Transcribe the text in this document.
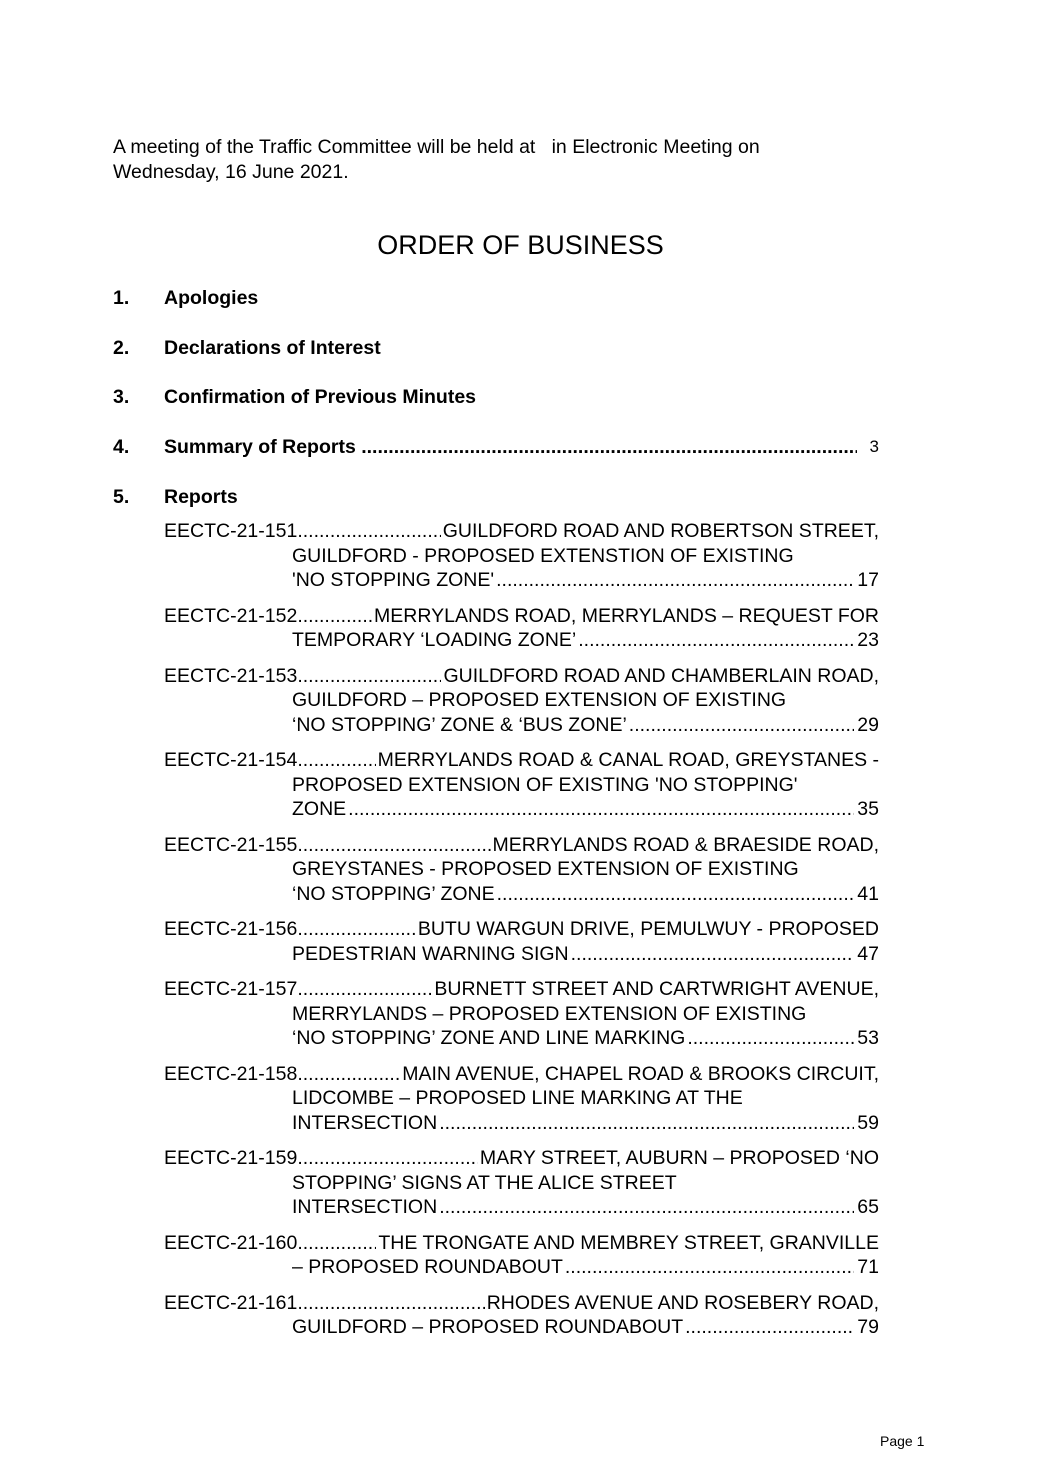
A meeting of the Traffic Committee will be held at   in Electronic Meeting on
Wednesday, 16 June 2021.
ORDER OF BUSINESS
1. Apologies
2. Declarations of Interest
3. Confirmation of Previous Minutes
4. Summary of Reports .....	3
5. Reports
EECTC-21-151 .....	GUILDFORD ROAD AND ROBERTSON STREET,
GUILDFORD - PROPOSED EXTENSTION OF EXISTING
'NO STOPPING ZONE' .....	17
EECTC-21-152 .....	MERRYLANDS ROAD, MERRYLANDS – REQUEST FOR
TEMPORARY ‘LOADING ZONE’ .....	23
EECTC-21-153 .....	GUILDFORD ROAD AND CHAMBERLAIN ROAD,
GUILDFORD – PROPOSED EXTENSION OF EXISTING
‘NO STOPPING’ ZONE & ‘BUS ZONE’ .....	29
EECTC-21-154 .....	MERRYLANDS ROAD & CANAL ROAD, GREYSTANES -
PROPOSED EXTENSION OF EXISTING 'NO STOPPING'
ZONE .....	35
EECTC-21-155 .....	MERRYLANDS ROAD & BRAESIDE ROAD,
GREYSTANES - PROPOSED EXTENSION OF EXISTING
‘NO STOPPING’ ZONE .....	41
EECTC-21-156 .....	BUTU WARGUN DRIVE, PEMULWUY - PROPOSED
PEDESTRIAN WARNING SIGN .....	47
EECTC-21-157 .....	BURNETT STREET AND CARTWRIGHT AVENUE,
MERRYLANDS – PROPOSED EXTENSION OF EXISTING
‘NO STOPPING’ ZONE AND LINE MARKING .....	53
EECTC-21-158 .....	MAIN AVENUE, CHAPEL ROAD & BROOKS CIRCUIT,
LIDCOMBE – PROPOSED LINE MARKING AT THE
INTERSECTION .....	59
EECTC-21-159 .....	MARY STREET, AUBURN – PROPOSED ‘NO
STOPPING’ SIGNS AT THE ALICE STREET
INTERSECTION .....	65
EECTC-21-160 .....	THE TRONGATE AND MEMBREY STREET, GRANVILLE
– PROPOSED ROUNDABOUT .....	71
EECTC-21-161 .....	RHODES AVENUE AND ROSEBERY ROAD,
GUILDFORD – PROPOSED ROUNDABOUT .....	79
Page 1
